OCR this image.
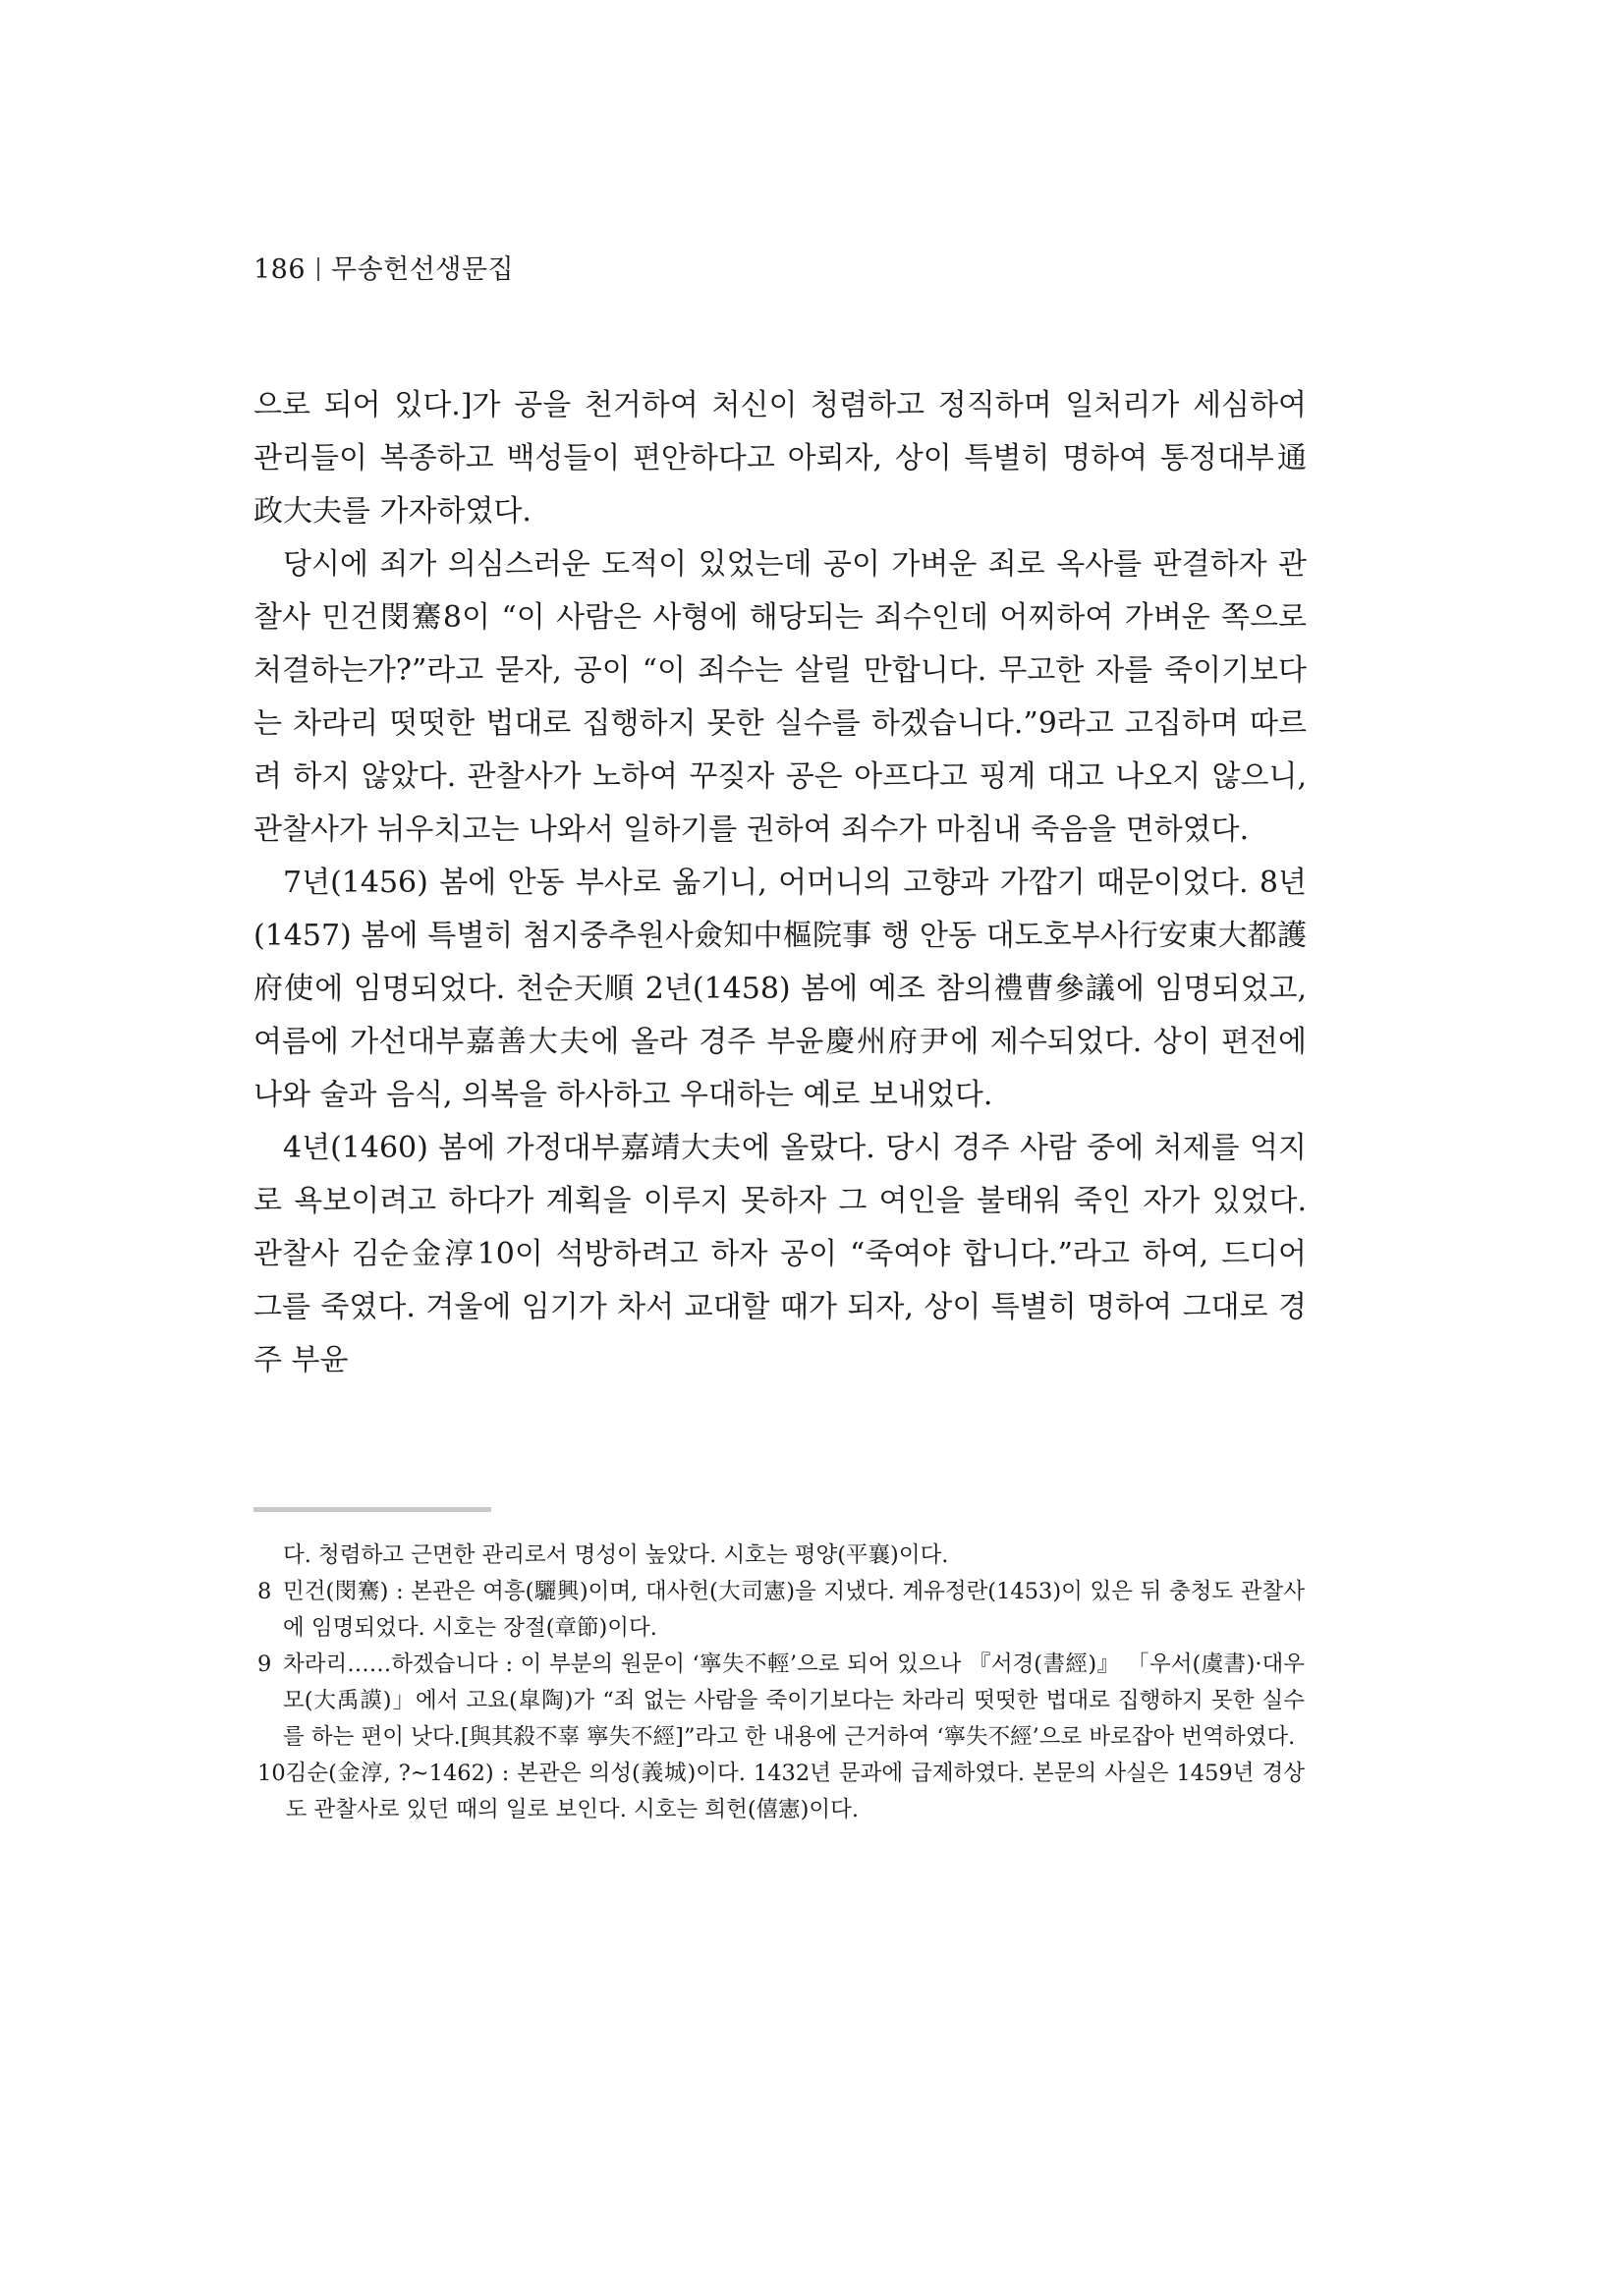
186 무송헌선생문집

으로 되어 있다.]가 공을 천거하여 처신이 청렴하고 정직하며 일처리가 세심하여 관리들이 복종하고 백성들이 편안하다고 아뢰자, 상이 특별히 명하여 통정대부通政大夫를 가자하였다.

당시에 죄가 의심스러운 도적이 있었는데 공이 가벼운 죄로 옥사를 판결하자 관찰사 민건閔騫8이 “이 사람은 사형에 해당되는 죄수인데 어찌하여 가벼운 쪽으로 처결하는가?”라고 묻자, 공이 “이 죄수는 살릴 만합니다. 무고한 자를 죽이기보다는 차라리 떳떳한 법대로 집행하지 못한 실수를 하겠습니다.”9라고 고집하며 따르려 하지 않았다. 관찰사가 노하여 꾸짖자 공은 아프다고 핑계 대고 나오지 않으니, 관찰사가 뉘우치고는 나와서 일하기를 권하여 죄수가 마침내 죽음을 면하였다.

7년(1456) 봄에 안동 부사로 옮기니, 어머니의 고향과 가깝기 때문이었다. 8년(1457) 봄에 특별히 첨지중추원사僉知中樞院事 행 안동 대도호부사行安東大都護府使에 임명되었다. 천순天順 2년(1458) 봄에 예조 참의禮曹參議에 임명되었고, 여름에 가선대부嘉善大夫에 올라 경주 부윤慶州府尹에 제수되었다. 상이 편전에 나와 술과 음식, 의복을 하사하고 우대하는 예로 보내었다.

4년(1460) 봄에 가정대부嘉靖大夫에 올랐다. 당시 경주 사람 중에 처제를 억지로 욕보이려고 하다가 계획을 이루지 못하자 그 여인을 불태워 죽인 자가 있었다. 관찰사 김순金淳10이 석방하려고 하자 공이 “죽여야 합니다.”라고 하여, 드디어 그를 죽였다. 겨울에 임기가 차서 교대할 때가 되자, 상이 특별히 명하여 그대로 경주 부윤

다. 청렴하고 근면한 관리로서 명성이 높았다. 시호는 평양(平襄)이다.

8 민건(閔騫) : 본관은 여흥(驪興)이며, 대사헌(大司憲)을 지냈다. 계유정란(1453)이 있은 뒤 충청도 관찰사에 임명되었다. 시호는 장절(章節)이다.
9 차라리……하겠습니다 : 이 부분의 원문이 ‘寧失不輕’으로 되어 있으나 『서경(書經)』 「우서(虞書)·대우모(大禹謨)」에서 고요(皐陶)가 “죄 없는 사람을 죽이기보다는 차라리 떳떳한 법대로 집행하지 못한 실수를 하는 편이 낫다.[與其殺不辜 寧失不經]”라고 한 내용에 근거하여 ‘寧失不經’으로 바로잡아 번역하였다.
10 김순(金淳, ?~1462) : 본관은 의성(義城)이다. 1432년 문과에 급제하였다. 본문의 사실은 1459년 경상도 관찰사로 있던 때의 일로 보인다. 시호는 희헌(僖憲)이다.
